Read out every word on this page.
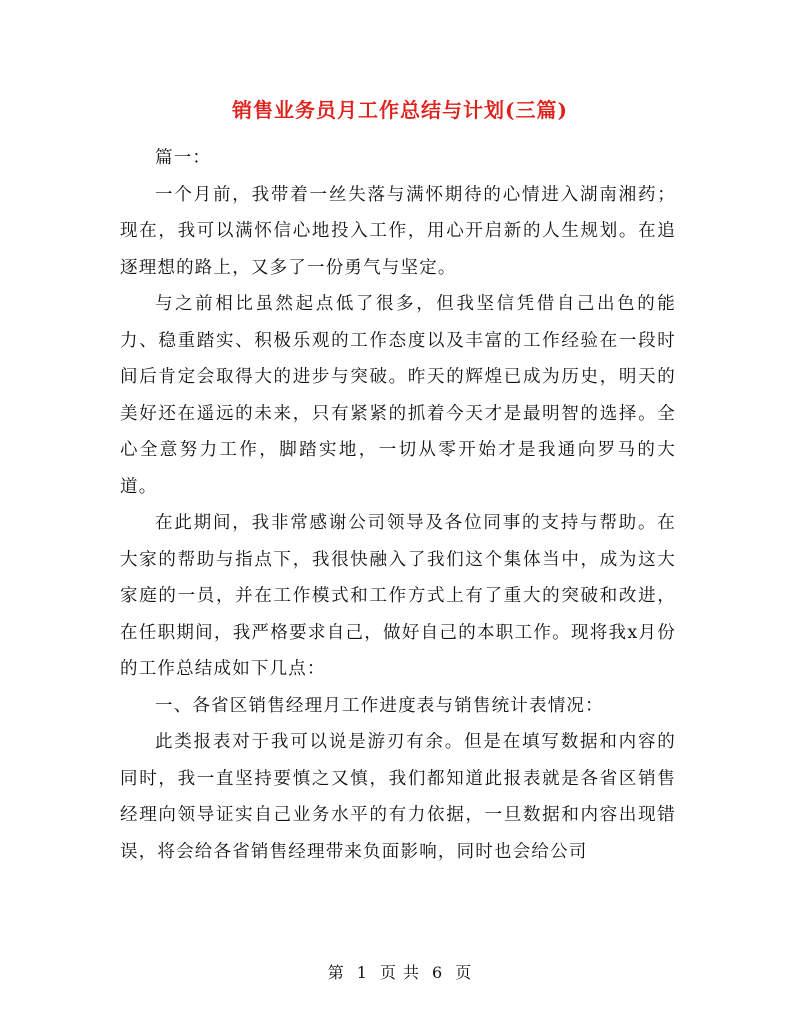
销售业务员月工作总结与计划(三篇)

篇一：

一个月前，我带着一丝失落与满怀期待的心情进入湖南湘药；现在，我可以满怀信心地投入工作，用心开启新的人生规划。在追逐理想的路上，又多了一份勇气与坚定。

与之前相比虽然起点低了很多，但我坚信凭借自己出色的能力、稳重踏实、积极乐观的工作态度以及丰富的工作经验在一段时间后肯定会取得大的进步与突破。昨天的辉煌已成为历史，明天的美好还在遥远的未来，只有紧紧的抓着今天才是最明智的选择。全心全意努力工作，脚踏实地，一切从零开始才是我通向罗马的大道。

在此期间，我非常感谢公司领导及各位同事的支持与帮助。在大家的帮助与指点下，我很快融入了我们这个集体当中，成为这大家庭的一员，并在工作模式和工作方式上有了重大的突破和改进，在任职期间，我严格要求自己，做好自己的本职工作。现将我x月份的工作总结成如下几点：

一、各省区销售经理月工作进度表与销售统计表情况：

此类报表对于我可以说是游刃有余。但是在填写数据和内容的同时，我一直坚持要慎之又慎，我们都知道此报表就是各省区销售经理向领导证实自己业务水平的有力依据，一旦数据和内容出现错误，将会给各省销售经理带来负面影响，同时也会给公司

第 1 页 共 6 页
